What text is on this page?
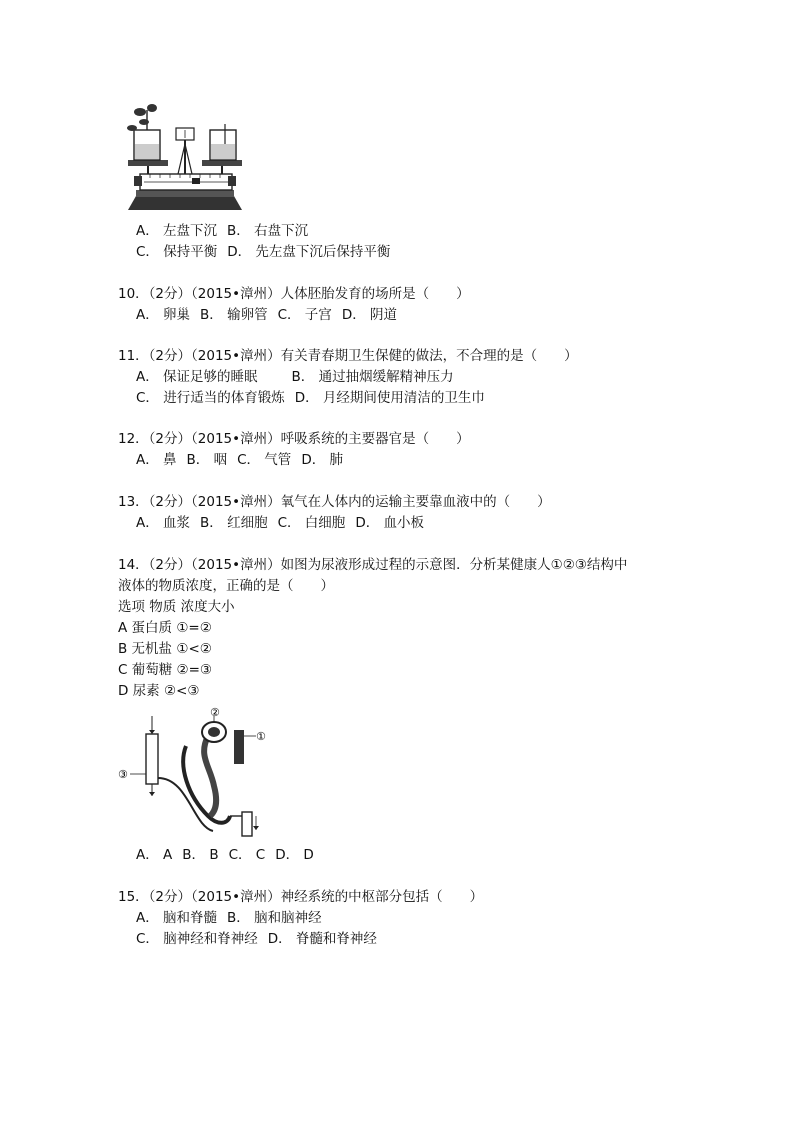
A． 左盘下沉 B． 右盘下沉
C． 保持平衡 D． 先左盘下沉后保持平衡
10．（2分）（2015•漳州）人体胚胎发育的场所是（　　）
A． 卵巢 B． 输卵管 C． 子宫 D． 阴道
11．（2分）（2015•漳州）有关青春期卫生保健的做法，不合理的是（　　）
A． 保证足够的睡眠	B． 通过抽烟缓解精神压力
C． 进行适当的体育锻炼 D． 月经期间使用清洁的卫生巾
12．（2分）（2015•漳州）呼吸系统的主要器官是（　　）
A． 鼻 B． 咽 C． 气管 D． 肺
13．（2分）（2015•漳州）氧气在人体内的运输主要靠血液中的（　　）
A． 血浆 B． 红细胞 C． 白细胞 D． 血小板
14．（2分）（2015•漳州）如图为尿液形成过程的示意图．分析某健康人①②③结构中
液体的物质浓度，正确的是（　　）
选项 物质 浓度大小
A 蛋白质 ①=②
B 无机盐 ①<②
C 葡萄糖 ②=③
D 尿素 ②<③
③
②
①
A． A B． B C． C D． D
15．（2分）（2015•漳州）神经系统的中枢部分包括（　　）
A． 脑和脊髓 B． 脑和脑神经
C． 脑神经和脊神经 D． 脊髓和脊神经
